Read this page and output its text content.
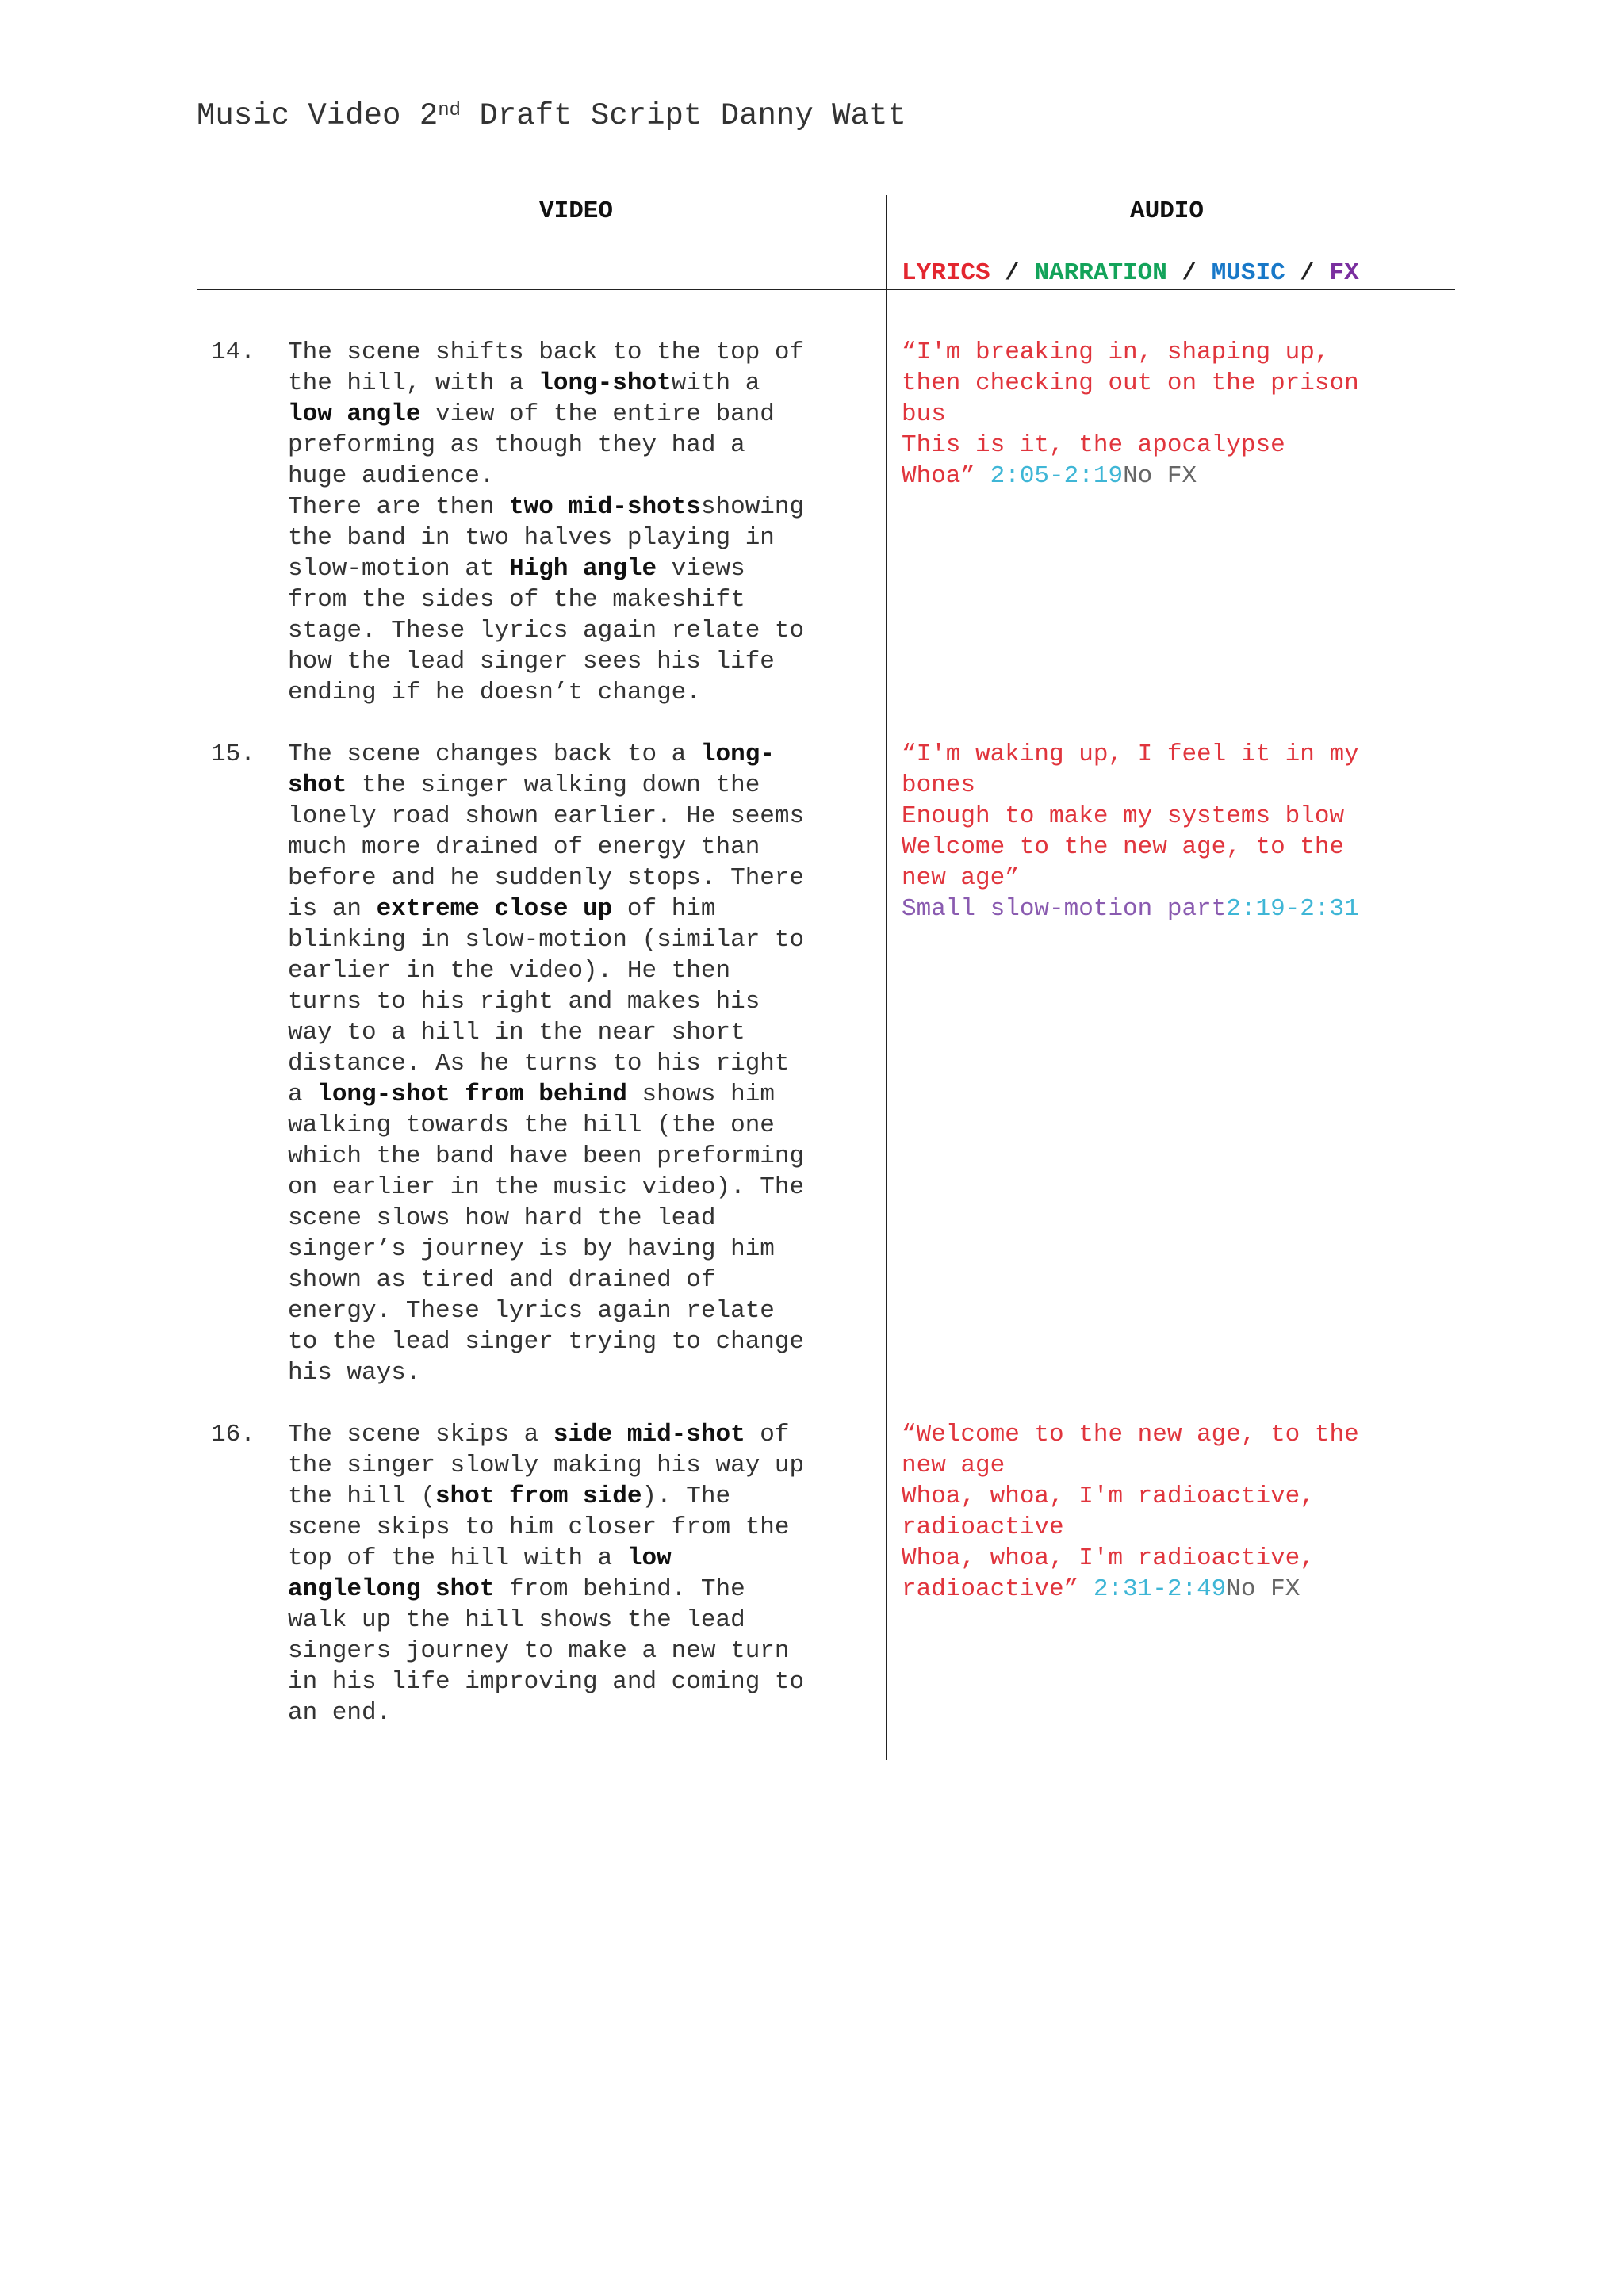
Music Video 2nd Draft Script Danny Watt
VIDEO	AUDIO
LYRICS / NARRATION / MUSIC / FX
14. The scene shifts back to the top of
the hill, with a long-shotwith a
low angle view of the entire band
preforming as though they had a
huge audience.
There are then two mid-shotsshowing
the band in two halves playing in
slow-motion at High angle views
from the sides of the makeshift
stage. These lyrics again relate to
how the lead singer sees his life
ending if he doesn’t change.
“I'm breaking in, shaping up,
then checking out on the prison
bus
This is it, the apocalypse
Whoa” 2:05-2:19No FX
15. The scene changes back to a long-
shot the singer walking down the
lonely road shown earlier. He seems
much more drained of energy than
before and he suddenly stops. There
is an extreme close up of him
blinking in slow-motion (similar to
earlier in the video). He then
turns to his right and makes his
way to a hill in the near short
distance. As he turns to his right
a long-shot from behind shows him
walking towards the hill (the one
which the band have been preforming
on earlier in the music video). The
scene slows how hard the lead
singer’s journey is by having him
shown as tired and drained of
energy. These lyrics again relate
to the lead singer trying to change
his ways.
“I'm waking up, I feel it in my
bones
Enough to make my systems blow
Welcome to the new age, to the
new age”
Small slow-motion part2:19-2:31
16. The scene skips a side mid-shot of
the singer slowly making his way up
the hill (shot from side). The
scene skips to him closer from the
top of the hill with a low
anglelong shot from behind. The
walk up the hill shows the lead
singers journey to make a new turn
in his life improving and coming to
an end.
“Welcome to the new age, to the
new age
Whoa, whoa, I'm radioactive,
radioactive
Whoa, whoa, I'm radioactive,
radioactive” 2:31-2:49No FX
